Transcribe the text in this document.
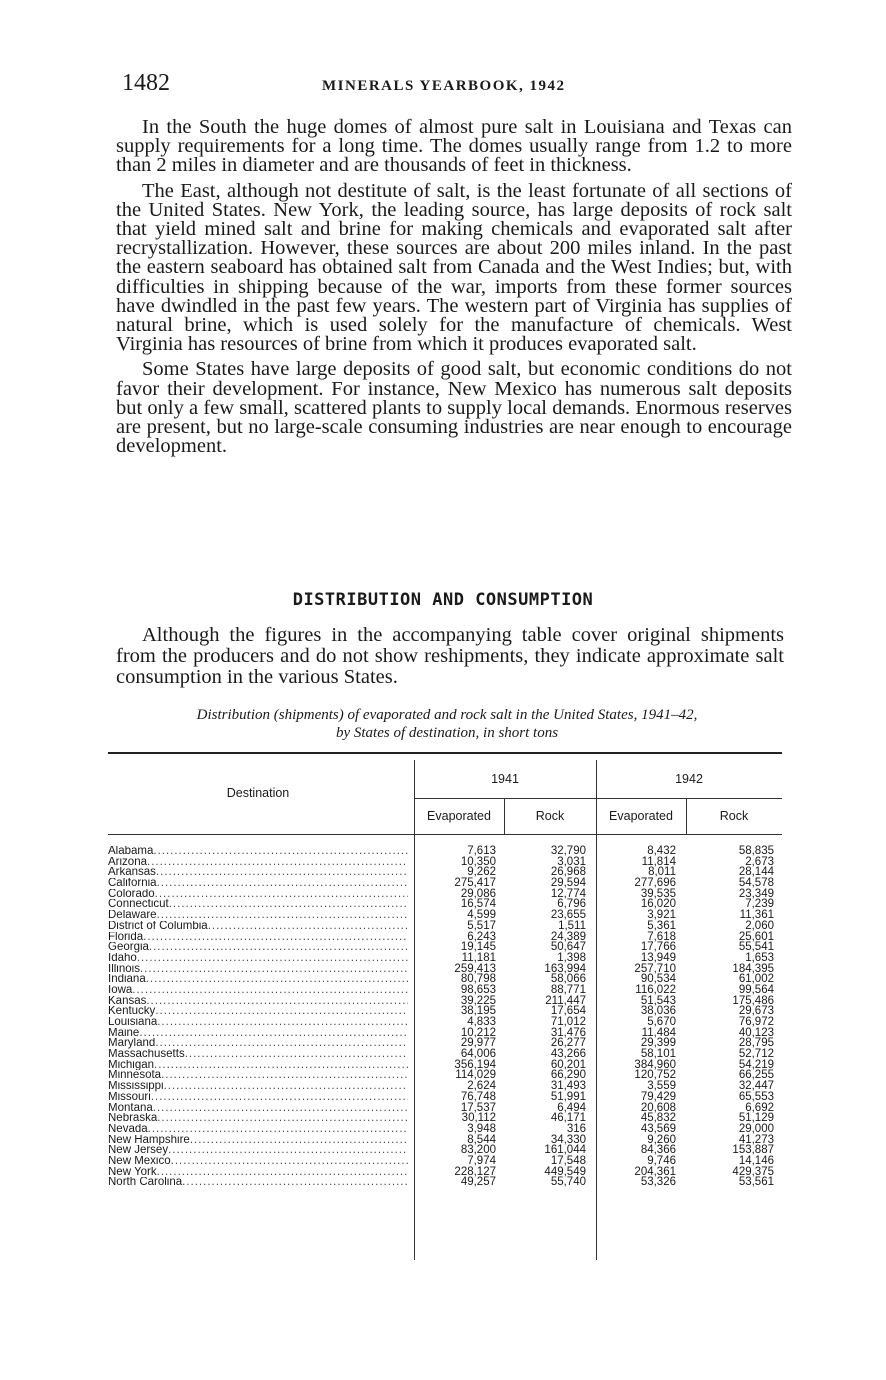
1482	MINERALS YEARBOOK, 1942

In the South the huge domes of almost pure salt in Louisiana and Texas can supply requirements for a long time. The domes usually range from 1.2 to more than 2 miles in diameter and are thousands of feet in thickness.

The East, although not destitute of salt, is the least fortunate of all sections of the United States. New York, the leading source, has large deposits of rock salt that yield mined salt and brine for making chemicals and evaporated salt after recrystallization. However, these sources are about 200 miles inland. In the past the eastern seaboard has obtained salt from Canada and the West Indies; but, with difficulties in shipping because of the war, imports from these former sources have dwindled in the past few years. The western part of Virginia has supplies of natural brine, which is used solely for the manufacture of chemicals. West Virginia has resources of brine from which it produces evaporated salt.

Some States have large deposits of good salt, but economic conditions do not favor their development. For instance, New Mexico has numerous salt deposits but only a few small, scattered plants to supply local demands. Enormous reserves are present, but no large-scale consuming industries are near enough to encourage development.

DISTRIBUTION AND CONSUMPTION

Although the figures in the accompanying table cover original shipments from the producers and do not show reshipments, they indicate approximate salt consumption in the various States.

Distribution (shipments) of evaporated and rock salt in the United States, 1941–42,
by States of destination, in short tons
Destination
1941	1942
Evaporated	Rock	Evaporated	Rock
Alabama .....	7,613	32,790	8,432	58,835
Arizona .....	10,350	3,031	11,814	2,673
Arkansas .....	9,262	26,968	8,011	28,144
California .....	275,417	29,594	277,696	54,578
Colorado .....	29,086	12,774	39,535	23,349
Connecticut .....	16,574	6,796	16,020	7,239
Delaware .....	4,599	23,655	3,921	11,361
District of Columbia .....	5,517	1,511	5,361	2,060
Florida .....	6,243	24,389	7,618	25,601
Georgia .....	19,145	50,647	17,766	55,541
Idaho .....	11,181	1,398	13,949	1,653
Illinois .....	259,413	163,994	257,710	184,395
Indiana .....	80,798	58,066	90,534	61,002
Iowa .....	98,653	88,771	116,022	99,564
Kansas .....	39,225	211,447	51,543	175,486
Kentucky .....	38,195	17,654	38,036	29,673
Louisiana .....	4,833	71,012	5,670	76,972
Maine .....	10,212	31,476	11,484	40,123
Maryland .....	29,977	26,277	29,399	28,795
Massachusetts .....	64,006	43,266	58,101	52,712
Michigan .....	356,194	60,201	384,960	54,219
Minnesota .....	114,029	66,290	120,752	66,255
Mississippi .....	2,624	31,493	3,559	32,447
Missouri .....	76,748	51,991	79,429	65,553
Montana .....	17,537	6,494	20,608	6,692
Nebraska .....	30,112	46,171	45,832	51,129
Nevada .....	3,948	316	43,569	29,000
New Hampshire .....	8,544	34,330	9,260	41,273
New Jersey .....	83,200	161,044	84,366	153,887
New Mexico .....	7,974	17,548	9,746	14,146
New York .....	228,127	449,549	204,361	429,375
North Carolina .....	49,257	55,740	53,326	53,561
